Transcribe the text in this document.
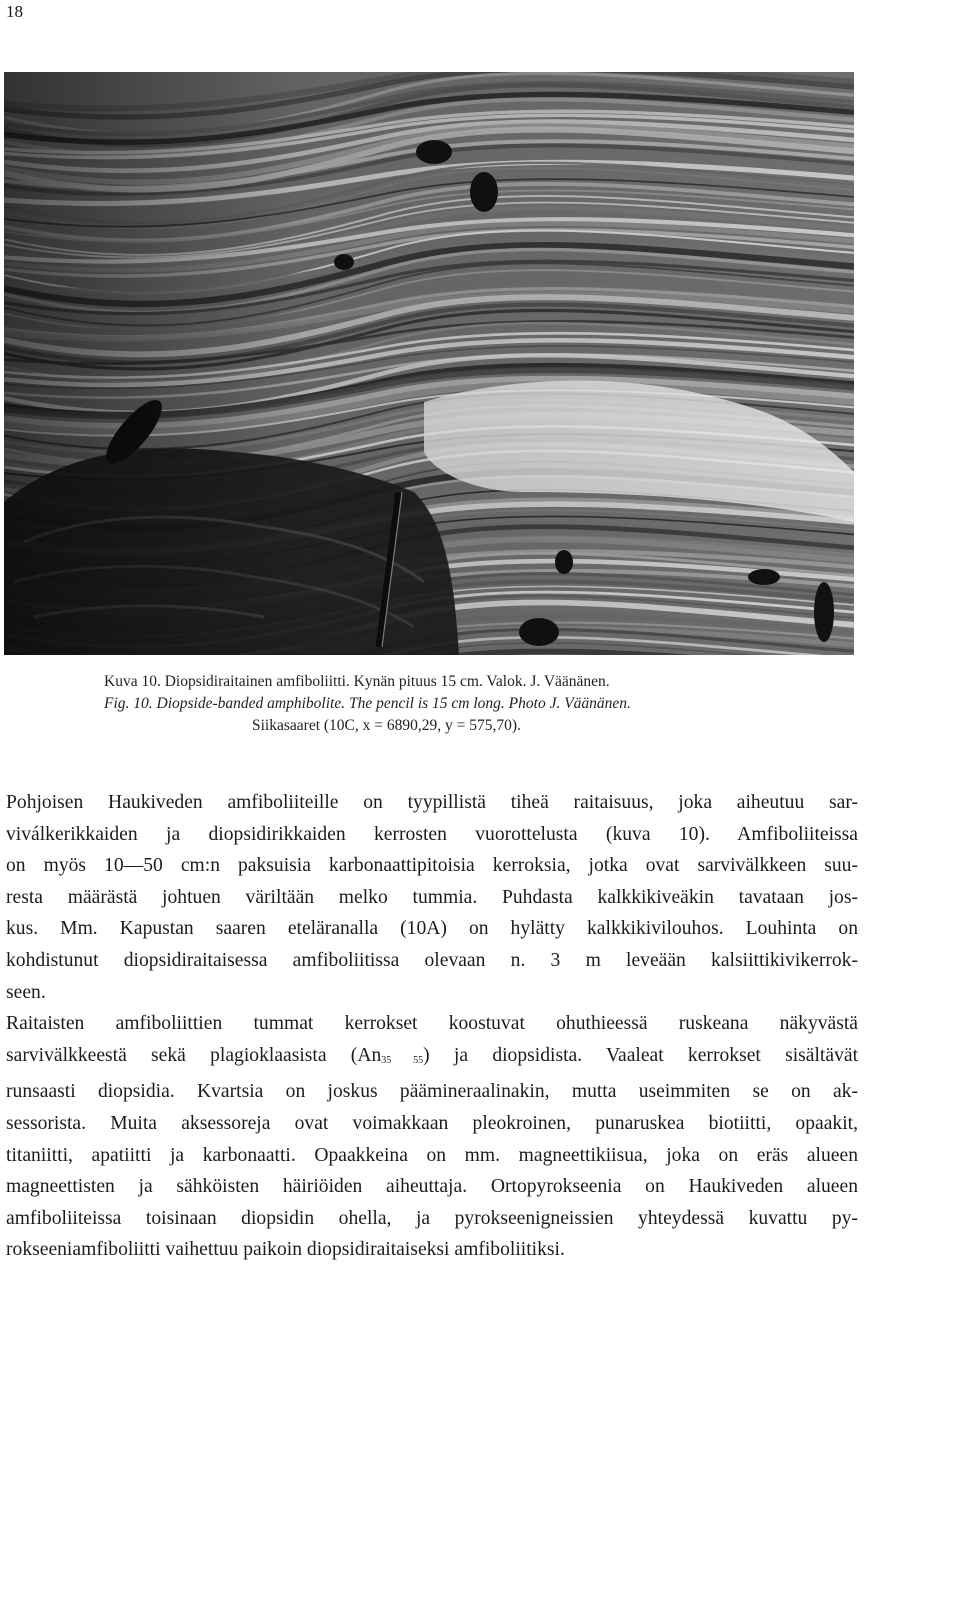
18
Kuva 10. Diopsidiraitainen amfiboliitti. Kynän pituus 15 cm. Valok. J. Väänänen.
Fig. 10. Diopside-banded amphibolite. The pencil is 15 cm long. Photo J. Väänänen.
Siikasaaret (10C, x = 6890,29, y = 575,70).
Pohjoisen Haukiveden amfiboliiteille on tyypillistä tiheä raitaisuus, joka aiheutuu sar-
viválkerikkaiden ja diopsidirikkaiden kerrosten vuorottelusta (kuva 10). Amfiboliiteissa
on myös 10—50 cm:n paksuisia karbonaattipitoisia kerroksia, jotka ovat sarvivälkkeen suu-
resta määrästä johtuen väriltään melko tummia. Puhdasta kalkkikiveäkin tavataan jos-
kus. Mm. Kapustan saaren eteläranalla (10A) on hylätty kalkkikivilouhos. Louhinta on
kohdistunut diopsidiraitaisessa amfiboliitissa olevaan n. 3 m leveään kalsiittikivikerrok-
seen.
Raitaisten amfiboliittien tummat kerrokset koostuvat ohuthieessä ruskeana näkyvästä
sarvivälkkeestä sekä plagioklaasista $(An_{35 55})$ ja diopsidista. Vaaleat kerrokset sisältävät
runsaasti diopsidia. Kvartsia on joskus päämineraalinakin, mutta useimmiten se on ak-
sessorista. Muita aksessoreja ovat voimakkaan pleokroinen, punaruskea biotiitti, opaakit,
titaniitti, apatiitti ja karbonaatti. Opaakkeina on mm. magneettikiisua, joka on eräs alueen
magneettisten ja sähköisten häiriöiden aiheuttaja. Ortopyrokseenia on Haukiveden alueen
amfiboliiteissa toisinaan diopsidin ohella, ja pyrokseenigneissien yhteydessä kuvattu py-
rokseeniamfiboliitti vaihettuu paikoin diopsidiraitaiseksi amfiboliitiksi.
